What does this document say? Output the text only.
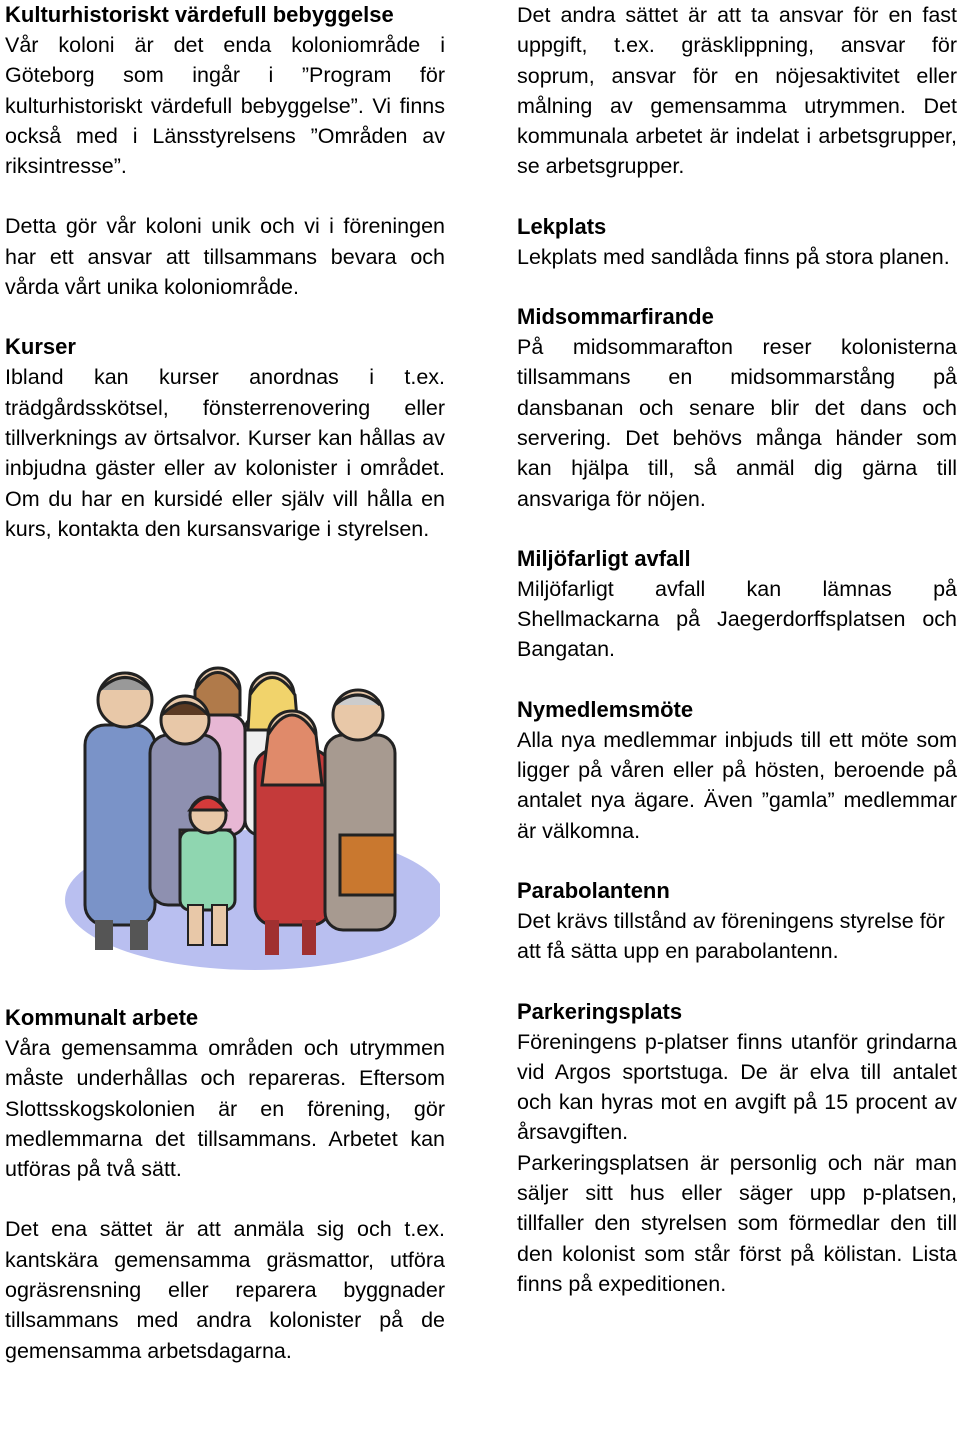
Kulturhistoriskt värdefull bebyggelse

Vår koloni är det enda koloniområde i Göteborg som ingår i ”Program för kulturhistoriskt värdefull bebyggelse”. Vi finns också med i Länsstyrelsens ”Områden av riksintresse”.

Detta gör vår koloni unik och vi i föreningen har ett ansvar att tillsammans bevara och vårda vårt unika koloniområde.

Kurser

Ibland kan kurser anordnas i t.ex. trädgårdsskötsel, fönsterrenovering eller tillverknings av örtsalvor. Kurser kan hållas av inbjudna gäster eller av kolonister i området. Om du har en kursidé eller själv vill hålla en kurs, kontakta den kursansvarige i styrelsen.

Kommunalt arbete

Våra gemensamma områden och utrymmen måste underhållas och repareras. Eftersom Slottsskogskolonien är en förening, gör medlemmarna det tillsammans. Arbetet kan utföras på två sätt.

Det ena sättet är att anmäla sig och t.ex. kantskära gemensamma gräsmattor, utföra ogräsrensning eller reparera byggnader tillsammans med andra kolonister på de gemensamma arbetsdagarna.

Det andra sättet är att ta ansvar för en fast uppgift, t.ex. gräsklippning, ansvar för soprum, ansvar för en nöjesaktivitet eller målning av gemensamma utrymmen. Det kommunala arbetet är indelat i arbetsgrupper, se arbetsgrupper.

Lekplats

Lekplats med sandlåda finns på stora planen.

Midsommarfirande

På midsommarafton reser kolonisterna tillsammans en midsommarstång på dansbanan och senare blir det dans och servering. Det behövs många händer som kan hjälpa till, så anmäl dig gärna till ansvariga för nöjen.

Miljöfarligt avfall

Miljöfarligt avfall kan lämnas på Shellmackarna på Jaegerdorffsplatsen och Bangatan.

Nymedlemsmöte

Alla nya medlemmar inbjuds till ett möte som ligger på våren eller på hösten, beroende på antalet nya ägare. Även ”gamla” medlemmar är välkomna.

Parabolantenn

Det krävs tillstånd av föreningens styrelse för att få sätta upp en parabolantenn.

Parkeringsplats

Föreningens p-platser finns utanför grindarna vid Argos sportstuga. De är elva till antalet och kan hyras mot en avgift på 15 procent av årsavgiften.

Parkeringsplatsen är personlig och när man säljer sitt hus eller säger upp p-platsen, tillfaller den styrelsen som förmedlar den till den kolonist som står först på kölistan. Lista finns på expeditionen.
